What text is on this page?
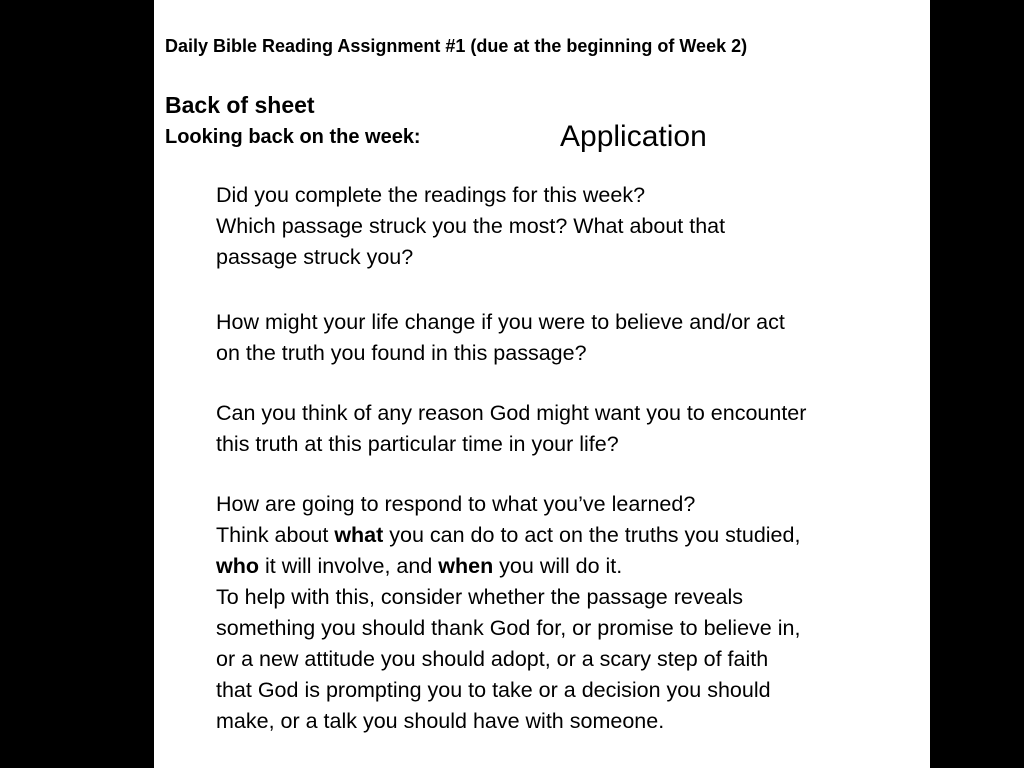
Daily Bible Reading Assignment #1 (due at the beginning of Week 2)

Back of sheet

Looking back on the week:	Application

Did you complete the readings for this week?
Which passage struck you the most? What about that
passage struck you?
How might your life change if you were to believe and/or act
on the truth you found in this passage?
Can you think of any reason God might want you to encounter
this truth at this particular time in your life?
How are going to respond to what you’ve learned?
Think about what you can do to act on the truths you studied,
who it will involve, and when you will do it.
To help with this, consider whether the passage reveals
something you should thank God for, or promise to believe in,
or a new attitude you should adopt, or a scary step of faith
that God is prompting you to take or a decision you should
make, or a talk you should have with someone.
